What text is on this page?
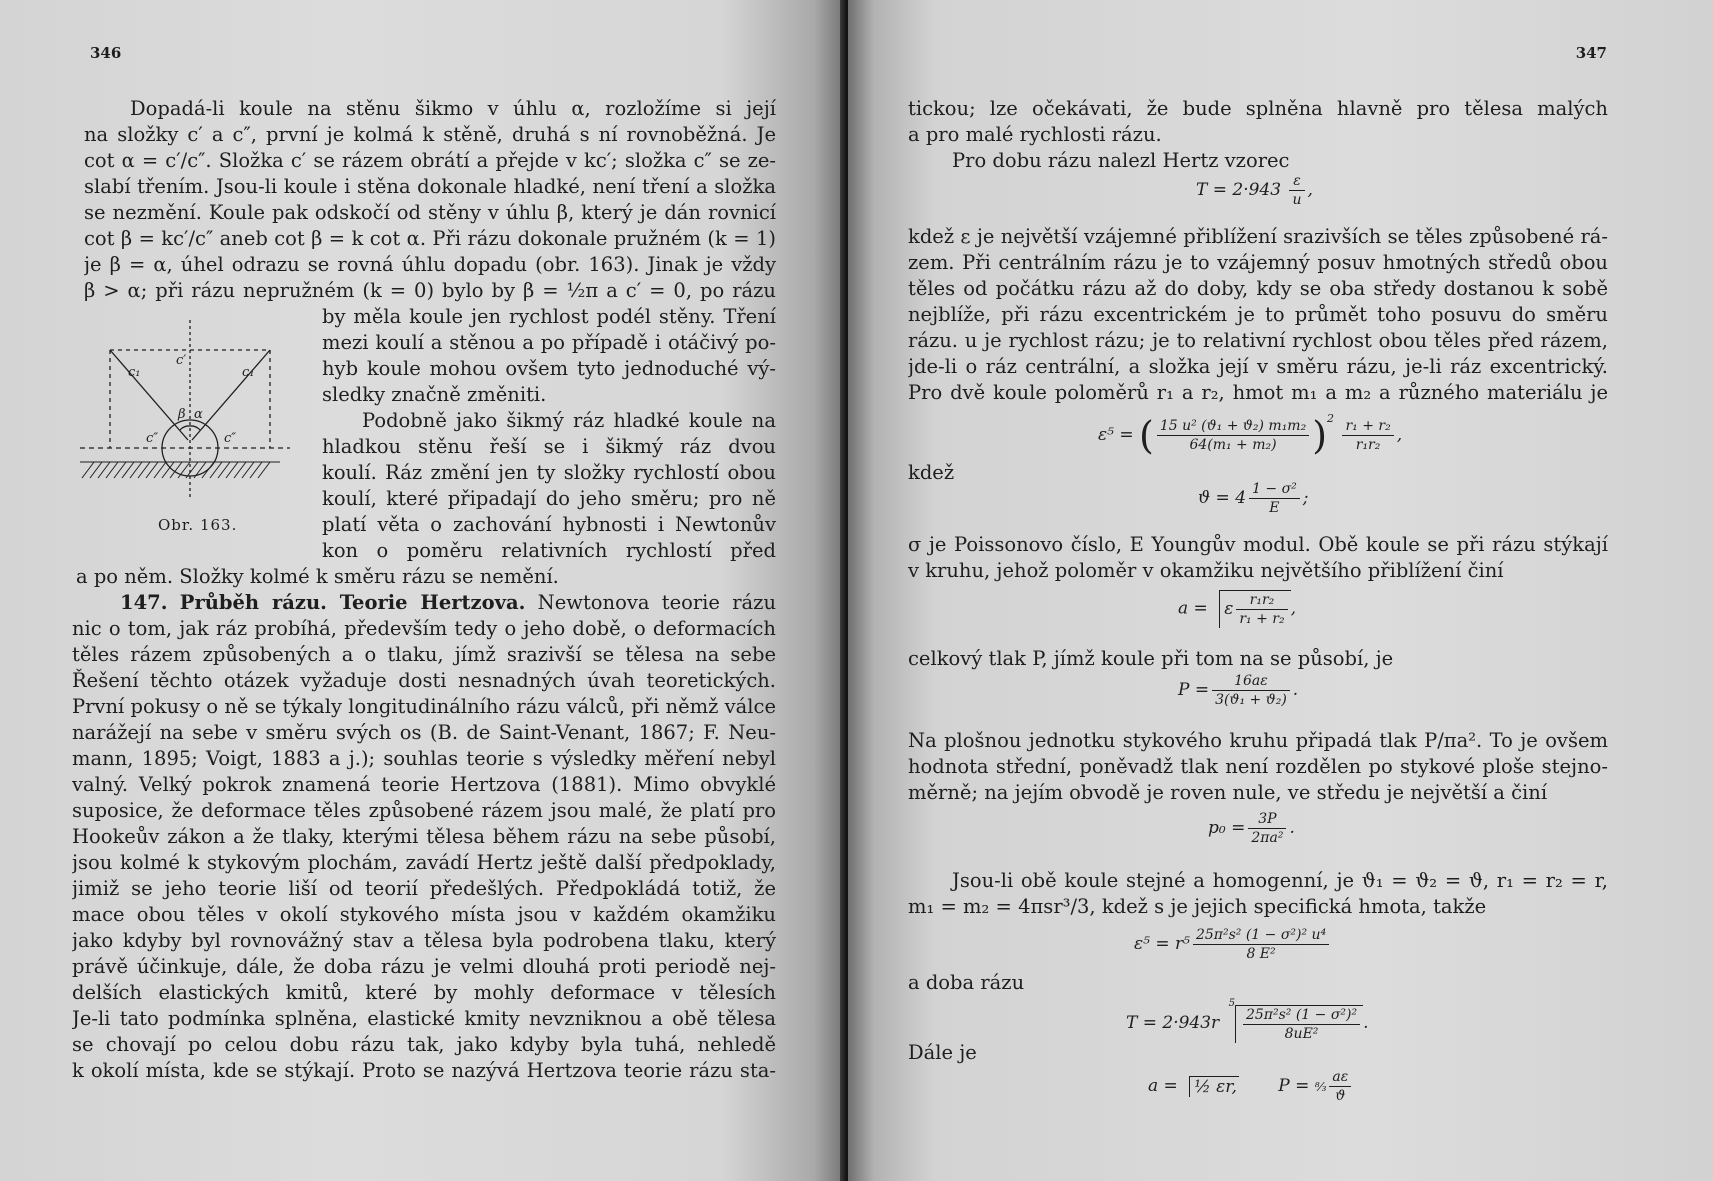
346
Dopadá-li koule na stěnu šikmo v úhlu α, rozložíme si její
na složky c′ a c″, první je kolmá k stěně, druhá s ní rovnoběžná. Je
cot α = c′/c″. Složka c′ se rázem obrátí a přejde v kc′; složka c″ se ze-
slabí třením. Jsou-li koule i stěna dokonale hladké, není tření a složka
se nezmění. Koule pak odskočí od stěny v úhlu β, který je dán rovnicí
cot β = kc′/c″ aneb cot β = k cot α. Při rázu dokonale pružném (k = 1)
je β = α, úhel odrazu se rovná úhlu dopadu (obr. 163). Jinak je vždy
β > α; při rázu nepružném (k = 0) bylo by β = ½π a c′ = 0, po rázu
by měla koule jen rychlost podél stěny. Tření
mezi koulí a stěnou a po případě i otáčivý po-
hyb koule mohou ovšem tyto jednoduché vý-
sledky značně změniti.
Podobně jako šikmý ráz hladké koule na
hladkou stěnu řeší se i šikmý ráz dvou
koulí. Ráz změní jen ty složky rychlostí obou
koulí, které připadají do jeho směru; pro ně
platí věta o zachování hybnosti i Newtonův
kon o poměru relativních rychlostí před
c₁
c′
c₁
β α
c″	c″
Obr. 163.
a po něm. Složky kolmé k směru rázu se nemění.
147. Průběh rázu. Teorie Hertzova. Newtonova teorie rázu
nic o tom, jak ráz probíhá, především tedy o jeho době, o deformacích
těles rázem způsobených a o tlaku, jímž srazivší se tělesa na sebe
Řešení těchto otázek vyžaduje dosti nesnadných úvah teoretických.
První pokusy o ně se týkaly longitudinálního rázu válců, při němž válce
narážejí na sebe v směru svých os (B. de Saint-Venant, 1867; F. Neu-
mann, 1895; Voigt, 1883 a j.); souhlas teorie s výsledky měření nebyl
valný. Velký pokrok znamená teorie Hertzova (1881). Mimo obvyklé
suposice, že deformace těles způsobené rázem jsou malé, že platí pro
Hookeův zákon a že tlaky, kterými tělesa během rázu na sebe působí,
jsou kolmé k stykovým plochám, zavádí Hertz ještě další předpoklady,
jimiž se jeho teorie liší od teorií předešlých. Předpokládá totiž, že
mace obou těles v okolí stykového místa jsou v každém okamžiku
jako kdyby byl rovnovážný stav a tělesa byla podrobena tlaku, který
právě účinkuje, dále, že doba rázu je velmi dlouhá proti periodě nej-
delších elastických kmitů, které by mohly deformace v tělesích
Je-li tato podmínka splněna, elastické kmity nevzniknou a obě tělesa
se chovají po celou dobu rázu tak, jako kdyby byla tuhá, nehledě
k okolí místa, kde se stýkají. Proto se nazývá Hertzova teorie rázu sta-
347
tickou; lze očekávati, že bude splněna hlavně pro tělesa malých
a pro malé rychlosti rázu.
Pro dobu rázu nalezl Hertz vzorec
$T = 2\cdot 943 \frac{\varepsilon}{u}$ ,
kdež ε je největší vzájemné přiblížení srazivších se těles způsobené rá-
zem. Při centrálním rázu je to vzájemný posuv hmotných středů obou
těles od počátku rázu až do doby, kdy se oba středy dostanou k sobě
nejblíže, při rázu excentrickém je to průmět toho posuvu do směru
rázu. u je rychlost rázu; je to relativní rychlost obou těles před rázem,
jde-li o ráz centrální, a složka její v směru rázu, je-li ráz excentrický.
Pro dvě koule poloměrů r₁ a r₂, hmot m₁ a m₂ a různého materiálu je
ε⁵ = ( $\frac{\text{15 u² (ϑ₁ + ϑ₂) m₁m₂}}{\text{64(m₁ + m₂)}} )^2 \frac{\text{r₁ + r₂}}{\text{r₁r₂}}$ ,
kdež
$ϑ = 4 \frac{\text{1 − σ²}}{E}$ ;
σ je Poissonovo číslo, E Youngův modul. Obě koule se při rázu stýkají
v kruhu, jehož poloměr v okamžiku největšího přiblížení činí
a = ε $\frac{\text{r₁r₂}}{\text{r₁ + r₂}}$ ,
celkový tlak P, jímž koule při tom na se působí, je
$P = \frac{16a\varepsilon}{\text{3(ϑ₁ + ϑ₂)}}$ .
Na plošnou jednotku stykového kruhu připadá tlak P/πa². To je ovšem
hodnota střední, poněvadž tlak není rozdělen po stykové ploše stejno-
měrně; na jejím obvodě je roven nule, ve středu je největší a činí
$p_0 = \frac{3P}{\text{2πa²}}$ .
Jsou-li obě koule stejné a homogenní, je ϑ₁ = ϑ₂ = ϑ, r₁ = r₂ = r,
m₁ = m₂ = 4πsr³/3, kdež s je jejich specifická hmota, takže
$\varepsilon^5 = r^5 \frac{\text{25π²s² (1 − σ²)² u⁴}}{\text{8 E²}}$
a doba rázu
T = 2·943r $^5$
$\frac{\text{25π²s² (1 − σ²)²}}{\text{8uE²}}$ .
Dále je
a = ½ εr, P = ⁸⁄₃ $\frac{a\varepsilon}{ϑ}$
